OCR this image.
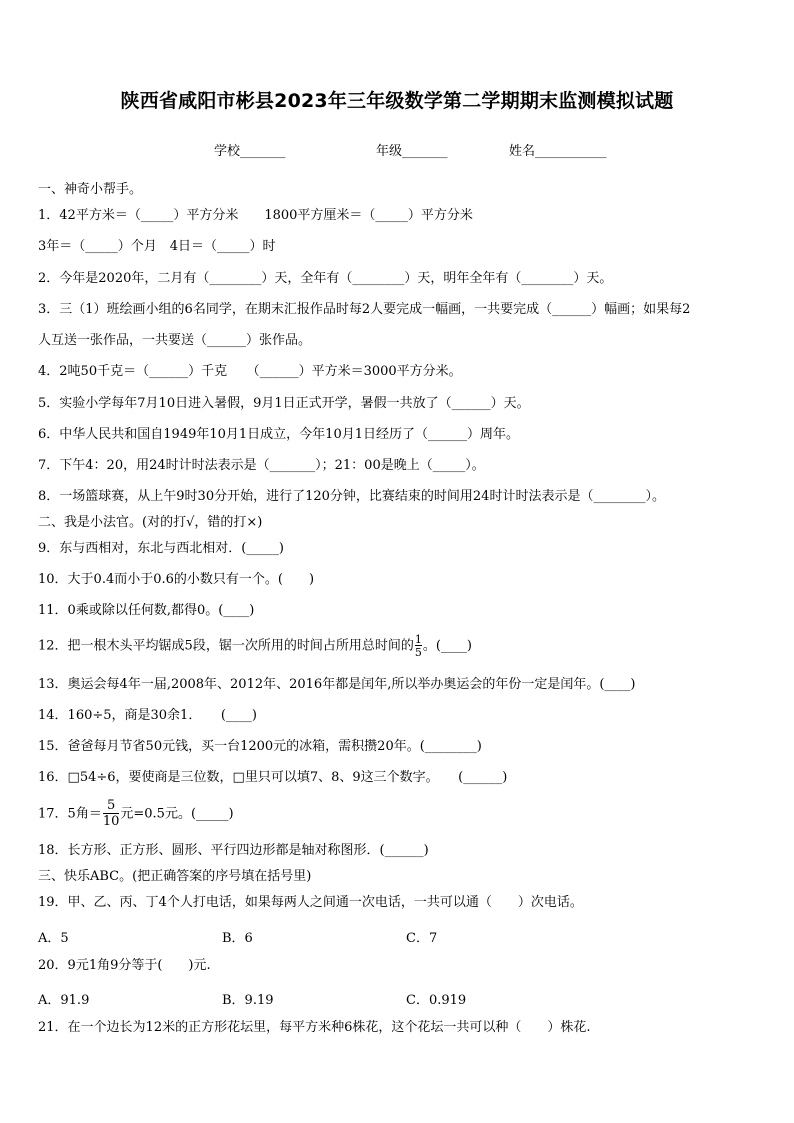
陕西省咸阳市彬县2023年三年级数学第二学期期末监测模拟试题
学校_______	年级_______	姓名___________
一、神奇小帮手。
1．42平方米＝（_____）平方分米　　1800平方厘米＝（_____）平方分米
3年＝（_____）个月　4日＝（_____）时
2．今年是2020年，二月有（________）天，全年有（________）天，明年全年有（________）天。
3．三（1）班绘画小组的6名同学，在期末汇报作品时每2人要完成一幅画，一共要完成（______）幅画；如果每2
人互送一张作品，一共要送（______）张作品。
4．2吨50千克＝（______）千克　　（______）平方米＝3000平方分米。
5．实验小学每年7月10日进入暑假，9月1日正式开学，暑假一共放了（______）天。
6．中华人民共和国自1949年10月1日成立，今年10月1日经历了（______）周年。
7．下午4：20，用24时计时法表示是（_______）；21：00是晚上（_____）。
8．一场篮球赛，从上午9时30分开始，进行了120分钟，比赛结束的时间用24时计时法表示是（________）。
二、我是小法官。(对的打√，错的打×)
9．东与西相对，东北与西北相对．(_____)
10．大于0.4而小于0.6的小数只有一个。(　　)
11．0乘或除以任何数,都得0。(____)
12．把一根木头平均锯成5段，锯一次所用的时间占所用总时间的 $\frac{1}{5}$ 。(____)
13．奥运会每4年一届,2008年、2012年、2016年都是闰年,所以举办奥运会的年份一定是闰年。(____)
14．160÷5，商是30余1．　　(____)
15．爸爸每月节省50元钱，买一台1200元的冰箱，需积攒20年。(________)
16．□54÷6，要使商是三位数，□里只可以填7、8、9这三个数字。　　(______)
17．5角＝ $\frac{5}{10}$ 元=0.5元。(_____)
18．长方形、正方形、圆形、平行四边形都是轴对称图形．(______)
三、快乐ABC。(把正确答案的序号填在括号里)
19．甲、乙、丙、丁4个人打电话，如果每两人之间通一次电话，一共可以通（　　）次电话。
A．5	B．6	C．7
20．9元1角9分等于(　　)元.
A．91.9	B．9.19	C．0.919
21．在一个边长为12米的正方形花坛里，每平方米种6株花，这个花坛一共可以种（　　）株花.
